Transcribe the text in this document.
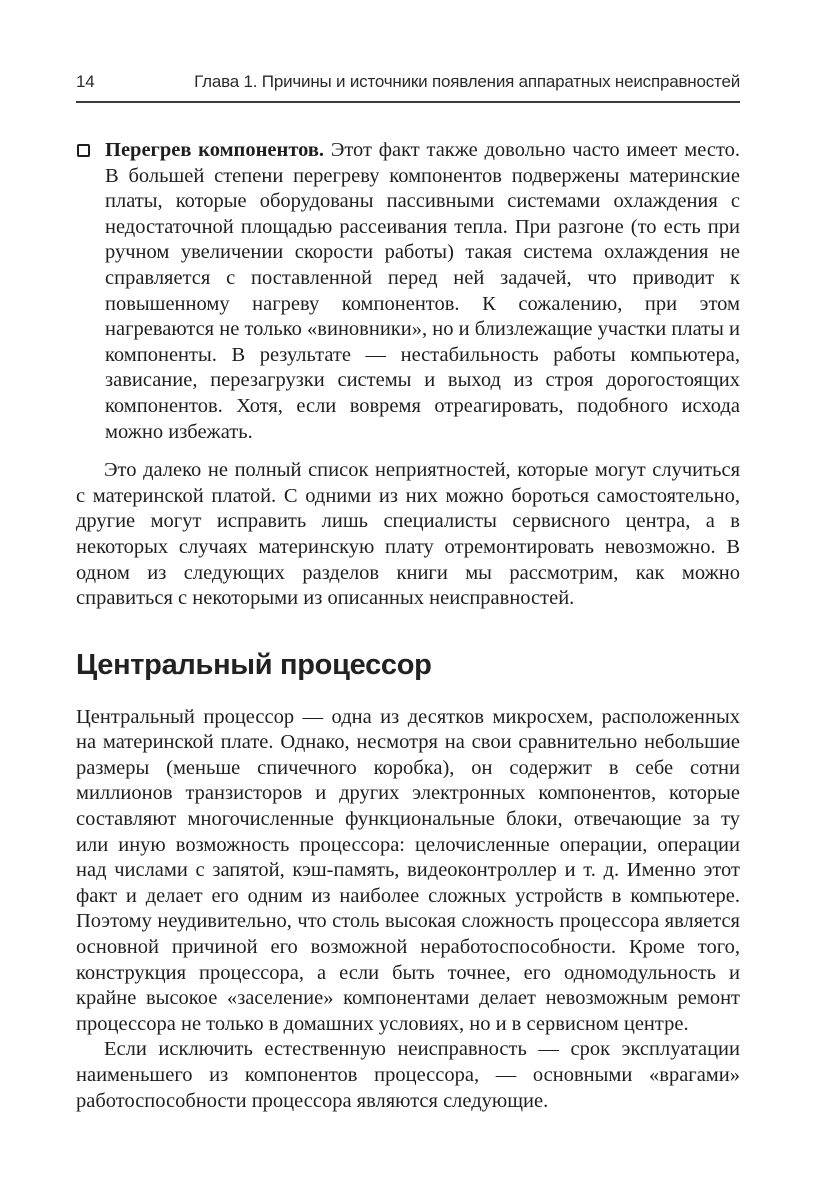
14	Глава 1. Причины и источники появления аппаратных неисправностей
Перегрев компонентов. Этот факт также довольно часто имеет место. В большей степени перегреву компонентов подвержены материнские платы, которые оборудованы пассивными системами охлаждения с недостаточной площадью рассеивания тепла. При разгоне (то есть при ручном увеличении скорости работы) такая система охлаждения не справляется с поставленной перед ней задачей, что приводит к повышенному нагреву компонентов. К сожалению, при этом нагреваются не только «виновники», но и близлежащие участки платы и компоненты. В результате — нестабильность работы компьютера, зависание, перезагрузки системы и выход из строя дорогостоящих компонентов. Хотя, если вовремя отреагировать, подобного исхода можно избежать.

Это далеко не полный список неприятностей, которые могут случиться с материнской платой. С одними из них можно бороться самостоятельно, другие могут исправить лишь специалисты сервисного центра, а в некоторых случаях материнскую плату отремонтировать невозможно. В одном из следующих разделов книги мы рассмотрим, как можно справиться с некоторыми из описанных неисправностей.

Центральный процессор

Центральный процессор — одна из десятков микросхем, расположенных на материнской плате. Однако, несмотря на свои сравнительно небольшие размеры (меньше спичечного коробка), он содержит в себе сотни миллионов транзисторов и других электронных компонентов, которые составляют многочисленные функциональные блоки, отвечающие за ту или иную возможность процессора: целочисленные операции, операции над числами с запятой, кэш-память, видеоконтроллер и т. д. Именно этот факт и делает его одним из наиболее сложных устройств в компьютере. Поэтому неудивительно, что столь высокая сложность процессора является основной причиной его возможной неработоспособности. Кроме того, конструкция процессора, а если быть точнее, его одномодульность и крайне высокое «заселение» компонентами делает невозможным ремонт процессора не только в домашних условиях, но и в сервисном центре.

Если исключить естественную неисправность — срок эксплуатации наименьшего из компонентов процессора, — основными «врагами» работоспособности процессора являются следующие.
